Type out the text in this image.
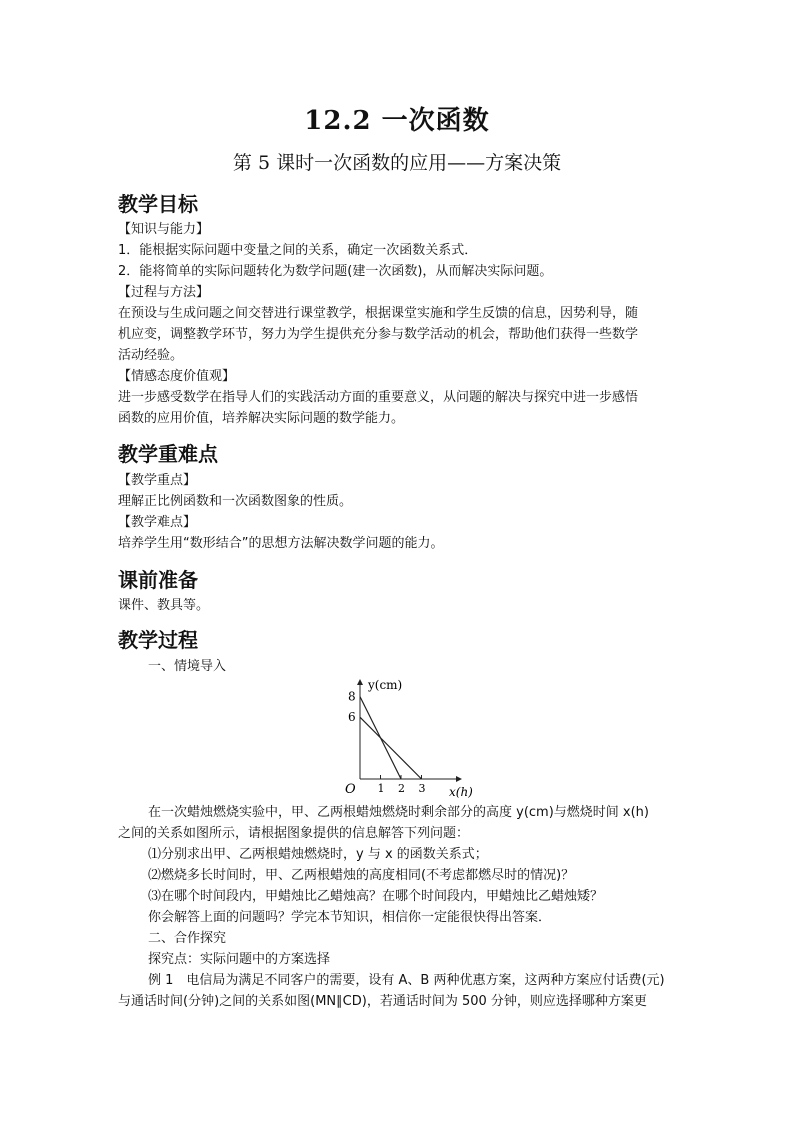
12.2 一次函数
第 5 课时一次函数的应用——方案决策
教学目标
【知识与能力】
1．能根据实际问题中变量之间的关系，确定一次函数关系式．
2．能将简单的实际问题转化为数学问题(建一次函数)，从而解决实际问题。
【过程与方法】
在预设与生成问题之间交替进行课堂教学，根据课堂实施和学生反馈的信息，因势利导，随
机应变，调整教学环节，努力为学生提供充分参与数学活动的机会，帮助他们获得一些数学
活动经验。
【情感态度价值观】
进一步感受数学在指导人们的实践活动方面的重要意义，从问题的解决与探究中进一步感悟
函数的应用价值，培养解决实际问题的数学能力。
教学重难点
【教学重点】
理解正比例函数和一次函数图象的性质。
【教学难点】
培养学生用“数形结合”的思想方法解决数学问题的能力。
课前准备
课件、教具等。
教学过程
一、情境导入
y(cm)
x(h)
O 1 2 3
8
6
在一次蜡烛燃烧实验中，甲、乙两根蜡烛燃烧时剩余部分的高度 y(cm)与燃烧时间 x(h)
之间的关系如图所示，请根据图象提供的信息解答下列问题：
⑴分别求出甲、乙两根蜡烛燃烧时，y 与 x 的函数关系式；
⑵燃烧多长时间时，甲、乙两根蜡烛的高度相同(不考虑都燃尽时的情况)？
⑶在哪个时间段内，甲蜡烛比乙蜡烛高？在哪个时间段内，甲蜡烛比乙蜡烛矮？
你会解答上面的问题吗？学完本节知识，相信你一定能很快得出答案．
二、合作探究
探究点：实际问题中的方案选择
例 1　电信局为满足不同客户的需要，设有 A、B 两种优惠方案，这两种方案应付话费(元)
与通话时间(分钟)之间的关系如图(MN∥CD)，若通话时间为 500 分钟，则应选择哪种方案更
